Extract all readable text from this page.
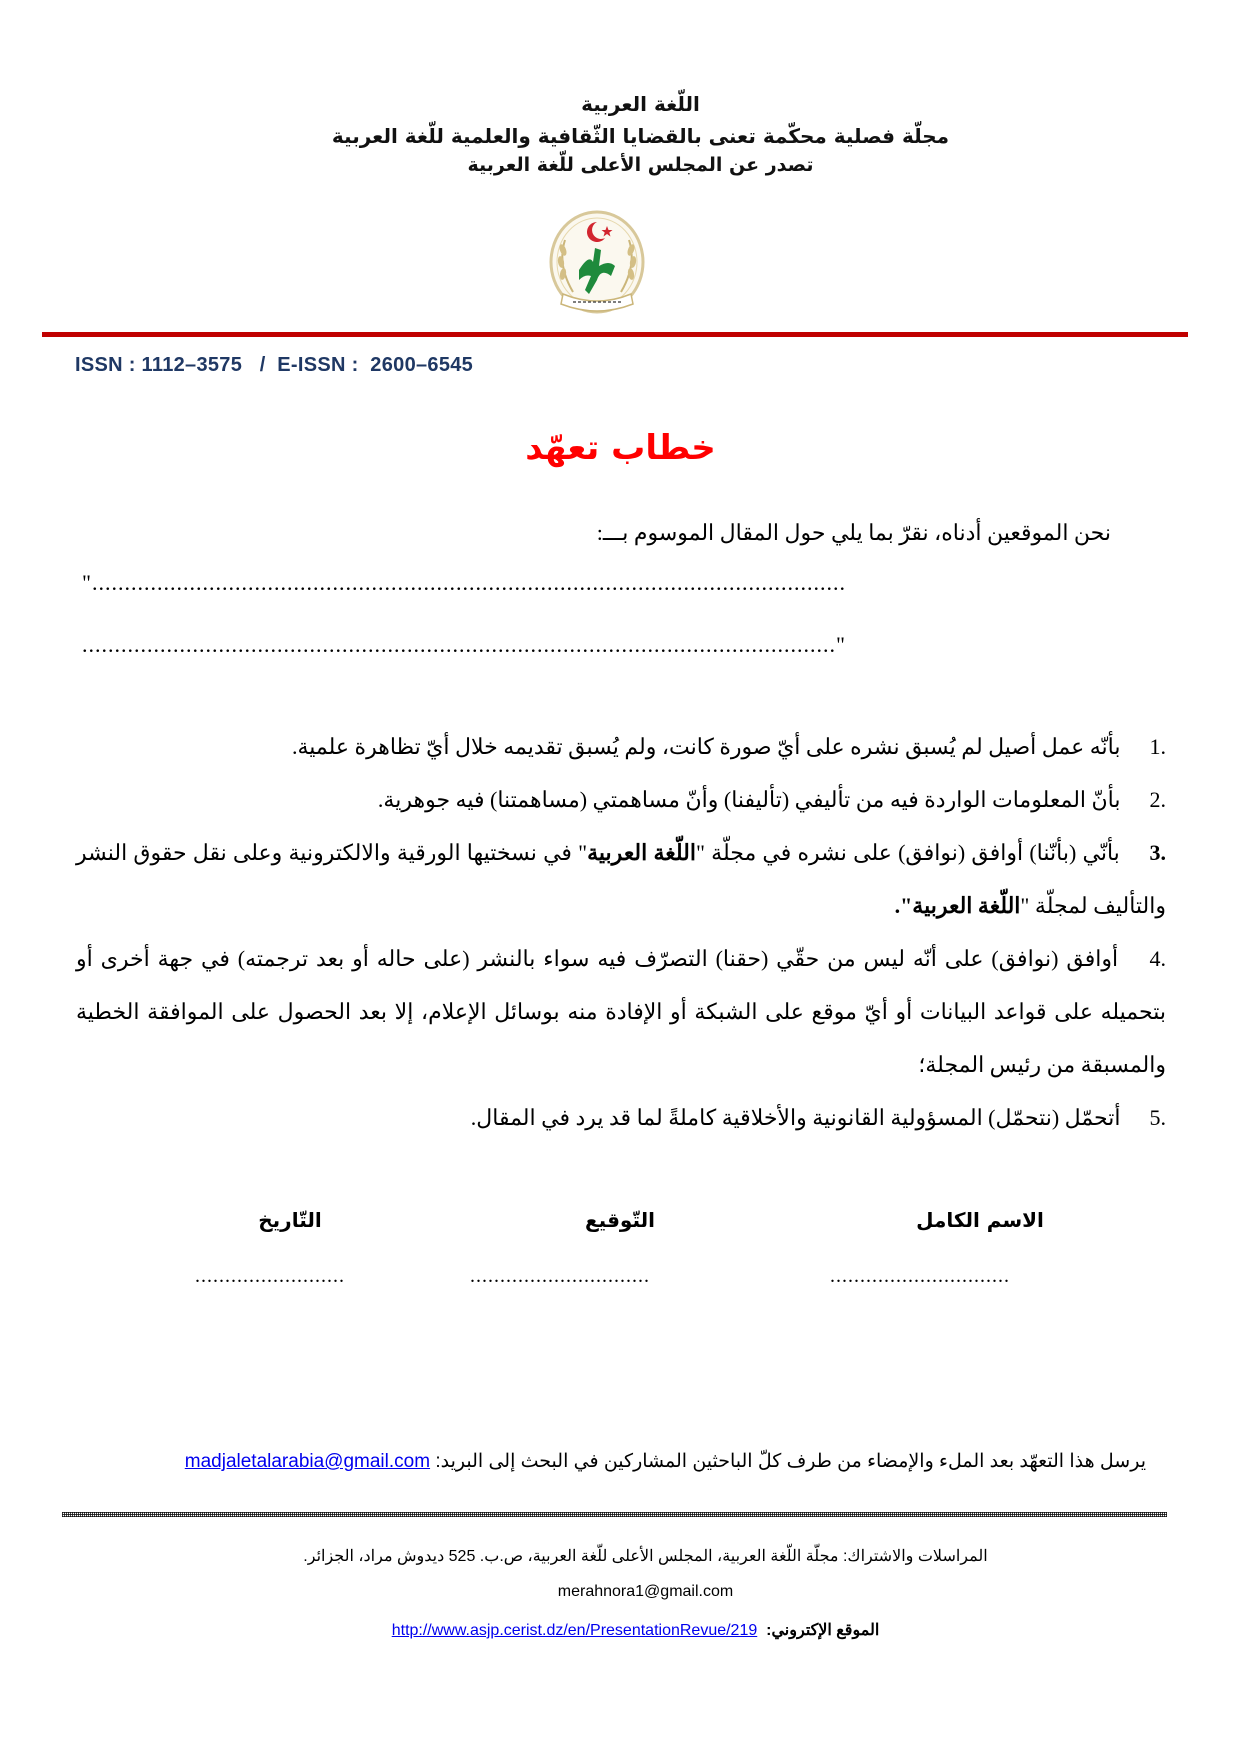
اللّغة العربية
مجلّة فصلية محكّمة تعنى بالقضايا الثّقافية والعلمية للّغة العربية
تصدر عن المجلس الأعلى للّغة العربية
ISSN : 1112–3575   /  E-ISSN :  2600–6545
خطاب تعهّد
نحن الموقعين أدناه، نقرّ بما يلي حول المقال الموسوم بـــ:
"....................................................................................................................
...................................................................................................................."
1. بأنّه عمل أصيل لم يُسبق نشره على أيّ صورة كانت، ولم يُسبق تقديمه خلال أيّ تظاهرة علمية.
2. بأنّ المعلومات الواردة فيه من تأليفي (تأليفنا) وأنّ مساهمتي (مساهمتنا) فيه جوهرية.
3. بأنّي (بأنّنا) أوافق (نوافق) على نشره في مجلّة "اللّغة العربية" في نسختيها الورقية والالكترونية وعلى نقل حقوق النشر والتأليف لمجلّة "اللّغة العربية".
4. أوافق (نوافق) على أنّه ليس من حقّي (حقنا) التصرّف فيه سواء بالنشر (على حاله أو بعد ترجمته) في جهة أخرى أو بتحميله على قواعد البيانات أو أيّ موقع على الشبكة أو الإفادة منه بوسائل الإعلام، إلا بعد الحصول على الموافقة الخطية والمسبقة من رئيس المجلة؛
5. أتحمّل (نتحمّل) المسؤولية القانونية والأخلاقية كاملةً لما قد يرد في المقال.
الاسم الكامل
التّوقيع
التّاريخ
..............................
..............................
.........................
يرسل هذا التعهّد بعد الملء والإمضاء من طرف كلّ الباحثين المشاركين في البحث إلى البريد: madjaletalarabia@gmail.com
المراسلات والاشتراك: مجلّة اللّغة العربية، المجلس الأعلى للّغة العربية، ص.ب. 525 ديدوش مراد، الجزائر.
merahnora1@gmail.com
الموقع الإكتروني:  http://www.asjp.cerist.dz/en/PresentationRevue/219
